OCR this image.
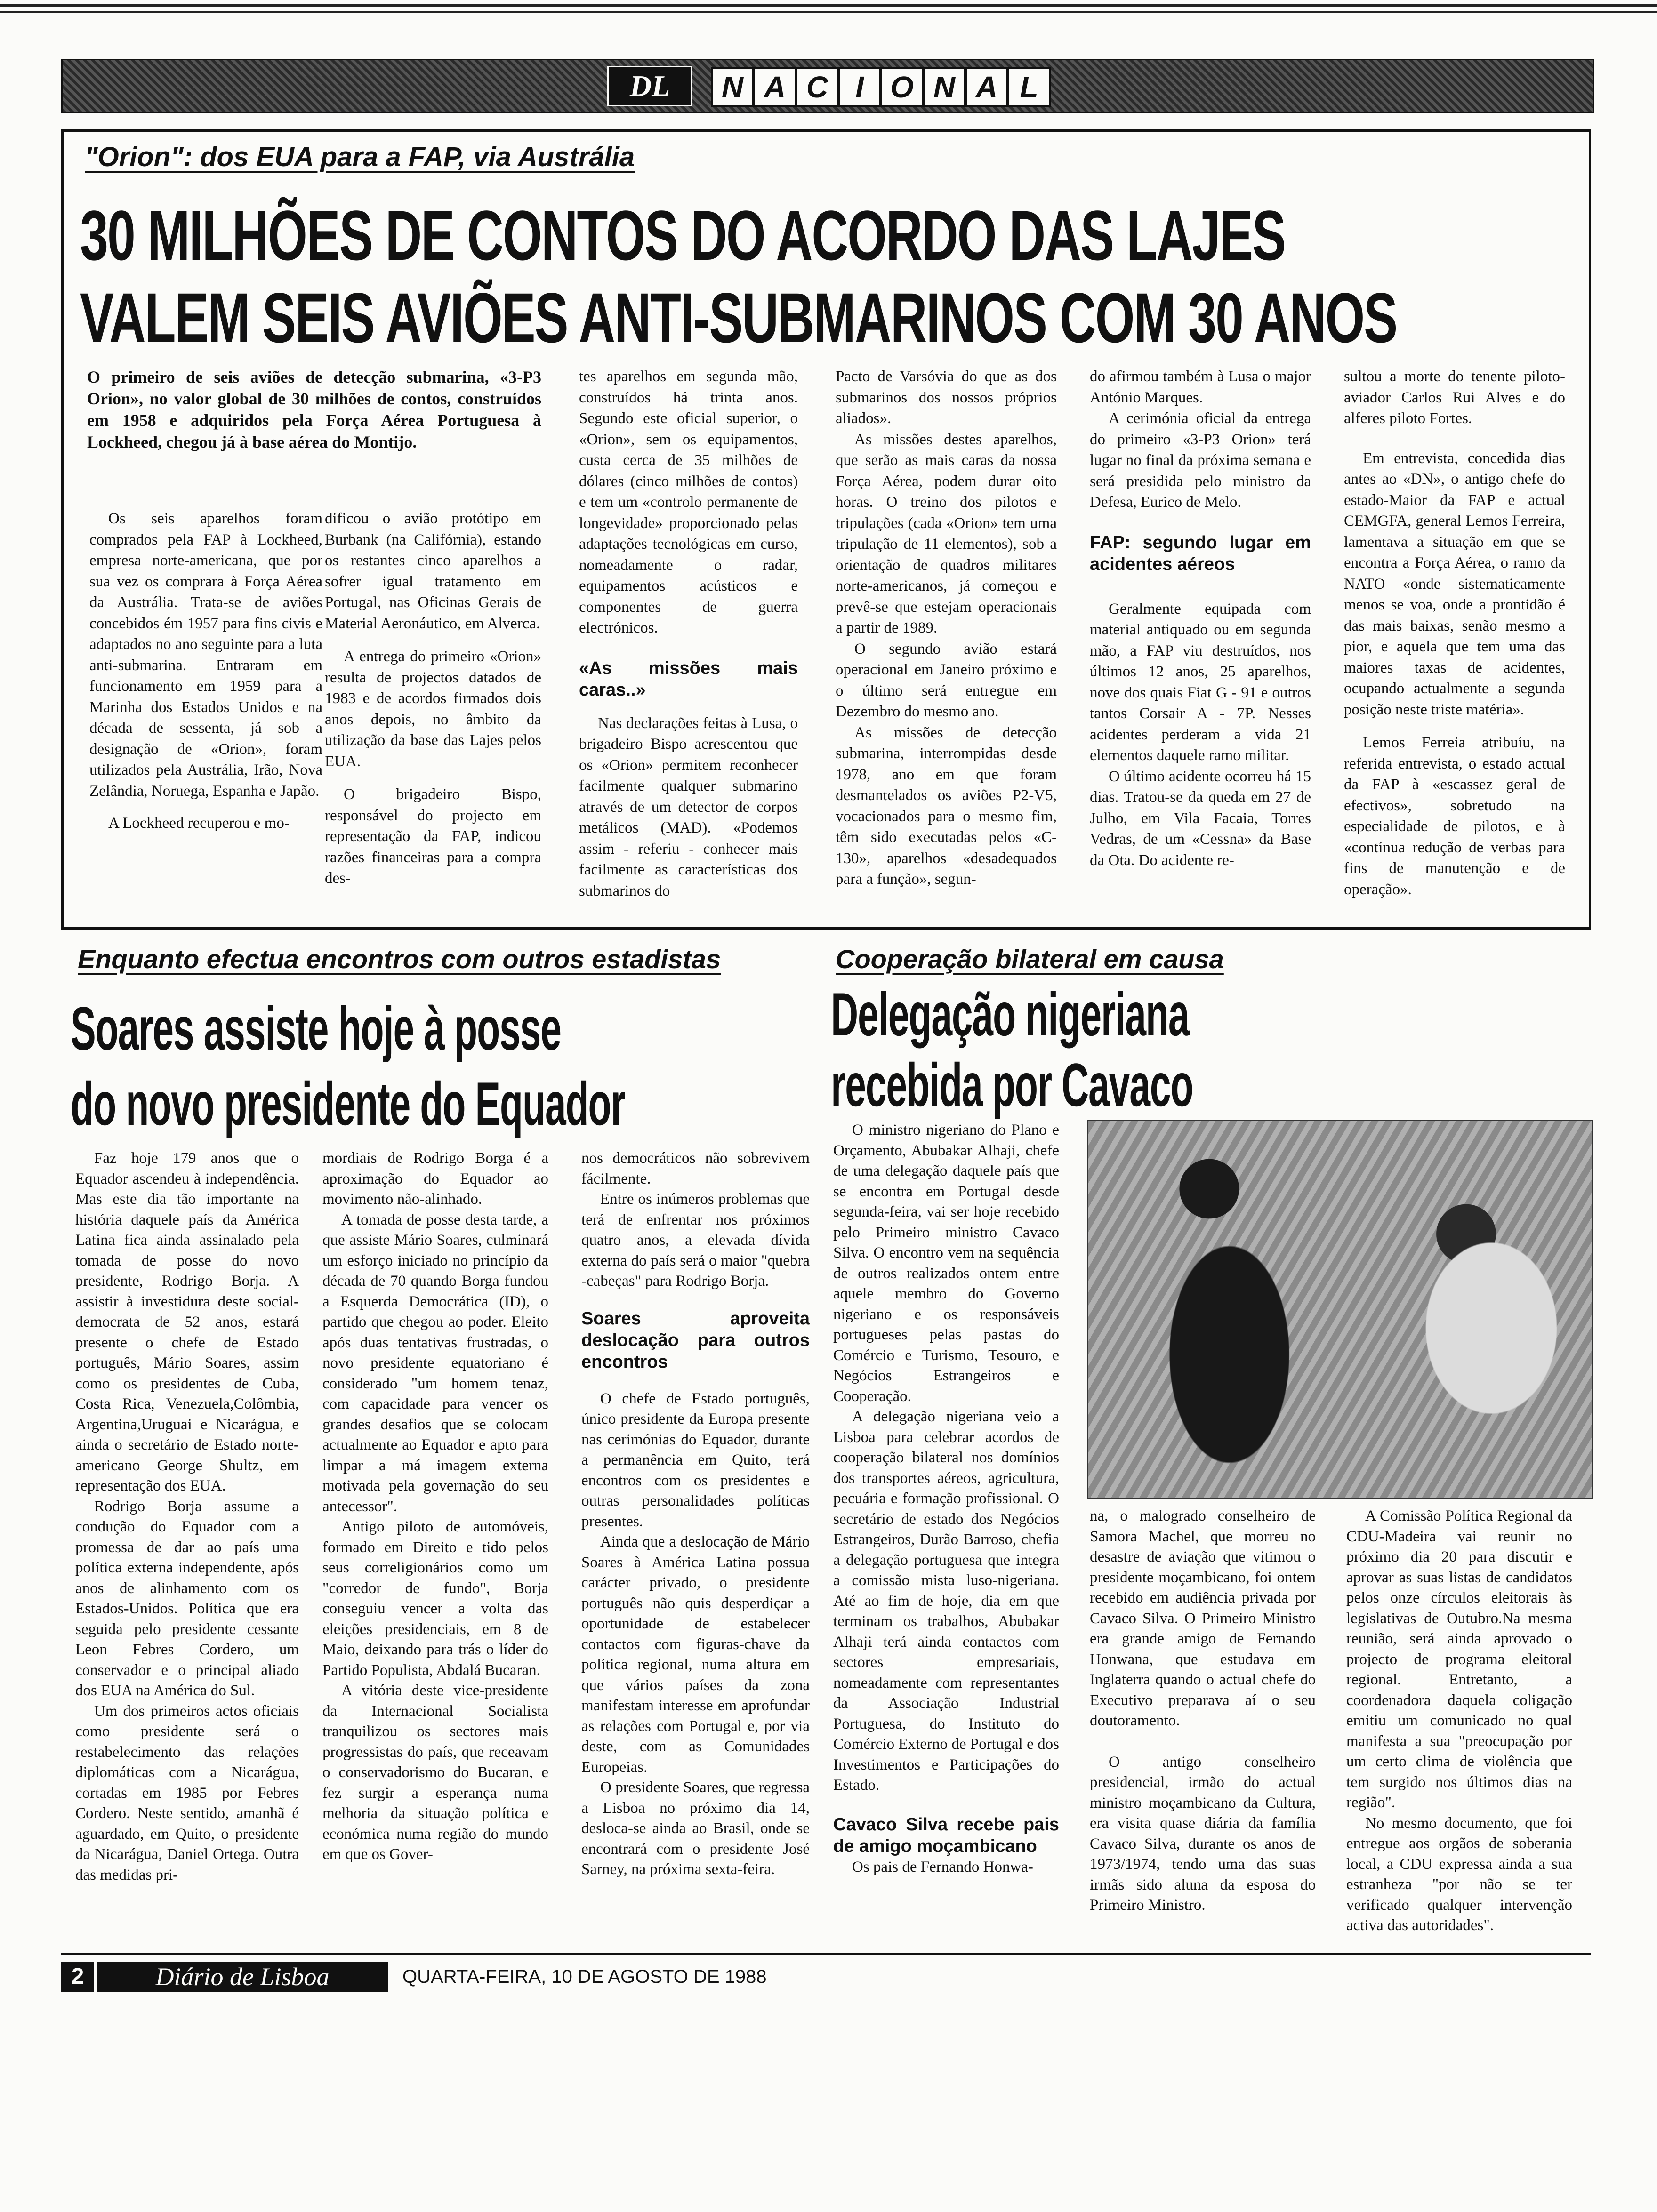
DL	N A C I O N A L
"Orion": dos EUA para a FAP, via Austrália
30 MILHÕES DE CONTOS DO ACORDO DAS LAJES
VALEM SEIS AVIÕES ANTI-SUBMARINOS COM 30 ANOS
O primeiro de seis aviões de detecção submarina, «3-P3 Orion», no valor global de 30 milhões de contos, construídos em 1958 e adquiridos pela Força Aérea Portuguesa à Lockheed, chegou já à base aérea do Montijo.

Os seis aparelhos foram comprados pela FAP à Lockheed, empresa norte-americana, que por sua vez os comprara à Força Aérea da Austrália. Trata-se de aviões concebidos ém 1957 para fins civis e adaptados no ano seguinte para a luta anti-submarina. Entraram em funcionamento em 1959 para a Marinha dos Estados Unidos e na década de sessenta, já sob a designação de «Orion», foram utilizados pela Austrália, Irão, Nova Zelândia, Noruega, Espanha e Japão.

A Lockheed recuperou e mo-

dificou o avião protótipo em Burbank (na Califórnia), estando os restantes cinco aparelhos a sofrer igual tratamento em Portugal, nas Oficinas Gerais de Material Aeronáutico, em Alverca.

A entrega do primeiro «Orion» resulta de projectos datados de 1983 e de acordos firmados dois anos depois, no âmbito da utilização da base das Lajes pelos EUA.

O brigadeiro Bispo, responsável do projecto em representação da FAP, indicou razões financeiras para a compra des-

tes aparelhos em segunda mão, construídos há trinta anos. Segundo este oficial superior, o «Orion», sem os equipamentos, custa cerca de 35 milhões de dólares (cinco milhões de contos) e tem um «controlo permanente de longevidade» proporcionado pelas adaptações tecnológicas em curso, nomeadamente o radar, equipamentos acústicos e componentes de guerra electrónicos.

«As missões mais caras..»

Nas declarações feitas à Lusa, o brigadeiro Bispo acrescentou que os «Orion» permitem reconhecer facilmente qualquer submarino através de um detector de corpos metálicos (MAD). «Podemos assim - referiu - conhecer mais facilmente as características dos submarinos do

Pacto de Varsóvia do que as dos submarinos dos nossos próprios aliados».

As missões destes aparelhos, que serão as mais caras da nossa Força Aérea, podem durar oito horas. O treino dos pilotos e tripulações (cada «Orion» tem uma tripulação de 11 elementos), sob a orientação de quadros militares norte-americanos, já começou e prevê-se que estejam operacionais a partir de 1989.

O segundo avião estará operacional em Janeiro próximo e o último será entregue em Dezembro do mesmo ano.

As missões de detecção submarina, interrompidas desde 1978, ano em que foram desmantelados os aviões P2-V5, vocacionados para o mesmo fim, têm sido executadas pelos «C-130», aparelhos «desadequados para a função», segun-

do afirmou também à Lusa o major António Marques.

A cerimónia oficial da entrega do primeiro «3-P3 Orion» terá lugar no final da próxima semana e será presidida pelo ministro da Defesa, Eurico de Melo.

FAP: segundo lugar em acidentes aéreos

Geralmente equipada com material antiquado ou em segunda mão, a FAP viu destruídos, nos últimos 12 anos, 25 aparelhos, nove dos quais Fiat G - 91 e outros tantos Corsair A - 7P. Nesses acidentes perderam a vida 21 elementos daquele ramo militar.

O último acidente ocorreu há 15 dias. Tratou-se da queda em 27 de Julho, em Vila Facaia, Torres Vedras, de um «Cessna» da Base da Ota. Do acidente re-

sultou a morte do tenente piloto-aviador Carlos Rui Alves e do alferes piloto Fortes.

Em entrevista, concedida dias antes ao «DN», o antigo chefe do estado-Maior da FAP e actual CEMGFA, general Lemos Ferreira, lamentava a situação em que se encontra a Força Aérea, o ramo da NATO «onde sistematicamente menos se voa, onde a prontidão é das mais baixas, senão mesmo a pior, e aquela que tem uma das maiores taxas de acidentes, ocupando actualmente a segunda posição neste triste matéria».

Lemos Ferreia atribuíu, na referida entrevista, o estado actual da FAP à «escassez geral de efectivos», sobretudo na especialidade de pilotos, e à «contínua redução de verbas para fins de manutenção e de operação».

Enquanto efectua encontros com outros estadistas
Soares assiste hoje à posse
do novo presidente do Equador

Faz hoje 179 anos que o Equador ascendeu à independência. Mas este dia tão importante na história daquele país da América Latina fica ainda assinalado pela tomada de posse do novo presidente, Rodrigo Borja. A assistir à investidura deste social-democrata de 52 anos, estará presente o chefe de Estado português, Mário Soares, assim como os presidentes de Cuba, Costa Rica, Venezuela,Colômbia, Argentina,Uruguai e Nicarágua, e ainda o secretário de Estado norte-americano George Shultz, em representação dos EUA.

Rodrigo Borja assume a condução do Equador com a promessa de dar ao país uma política externa independente, após anos de alinhamento com os Estados-Unidos. Política que era seguida pelo presidente cessante Leon Febres Cordero, um conservador e o principal aliado dos EUA na América do Sul.

Um dos primeiros actos oficiais como presidente será o restabelecimento das relações diplomáticas com a Nicarágua, cortadas em 1985 por Febres Cordero. Neste sentido, amanhã é aguardado, em Quito, o presidente da Nicarágua, Daniel Ortega. Outra das medidas pri-

mordiais de Rodrigo Borga é a aproximação do Equador ao movimento não-alinhado.

A tomada de posse desta tarde, a que assiste Mário Soares, culminará um esforço iniciado no princípio da década de 70 quando Borga fundou a Esquerda Democrática (ID), o partido que chegou ao poder. Eleito após duas tentativas frustradas, o novo presidente equatoriano é considerado "um homem tenaz, com capacidade para vencer os grandes desafios que se colocam actualmente ao Equador e apto para limpar a má imagem externa motivada pela governação do seu antecessor".

Antigo piloto de automóveis, formado em Direito e tido pelos seus correligionários como um "corredor de fundo", Borja conseguiu vencer a volta das eleições presidenciais, em 8 de Maio, deixando para trás o líder do Partido Populista, Abdalá Bucaran.

A vitória deste vice-presidente da Internacional Socialista tranquilizou os sectores mais progressistas do país, que receavam o conservadorismo do Bucaran, e fez surgir a esperança numa melhoria da situação política e económica numa região do mundo em que os Gover-

nos democráticos não sobrevivem fácilmente.

Entre os inúmeros problemas que terá de enfrentar nos próximos quatro anos, a elevada dívida externa do país será o maior "quebra -cabeças" para Rodrigo Borja.

Soares aproveita deslocação para outros encontros

O chefe de Estado português, único presidente da Europa presente nas cerimónias do Equador, durante a permanência em Quito, terá encontros com os presidentes e outras personalidades políticas presentes.

Ainda que a deslocação de Mário Soares à América Latina possua carácter privado, o presidente português não quis desperdiçar a oportunidade de estabelecer contactos com figuras-chave da política regional, numa altura em que vários países da zona manifestam interesse em aprofundar as relações com Portugal e, por via deste, com as Comunidades Europeias.

O presidente Soares, que regressa a Lisboa no próximo dia 14, desloca-se ainda ao Brasil, onde se encontrará com o presidente José Sarney, na próxima sexta-feira.

Cooperação bilateral em causa
Delegação nigeriana
recebida por Cavaco

O ministro nigeriano do Plano e Orçamento, Abubakar Alhaji, chefe de uma delegação daquele país que se encontra em Portugal desde segunda-feira, vai ser hoje recebido pelo Primeiro ministro Cavaco Silva. O encontro vem na sequência de outros realizados ontem entre aquele membro do Governo nigeriano e os responsáveis portugueses pelas pastas do Comércio e Turismo, Tesouro, e Negócios Estrangeiros e Cooperação.

A delegação nigeriana veio a Lisboa para celebrar acordos de cooperação bilateral nos domínios dos transportes aéreos, agricultura, pecuária e formação profissional. O secretário de estado dos Negócios Estrangeiros, Durão Barroso, chefia a delegação portuguesa que integra a comissão mista luso-nigeriana. Até ao fim de hoje, dia em que terminam os trabalhos, Abubakar Alhaji terá ainda contactos com sectores empresariais, nomeadamente com representantes da Associação Industrial Portuguesa, do Instituto do Comércio Externo de Portugal e dos Investimentos e Participações do Estado.

Cavaco Silva recebe pais de amigo moçambicano

Os pais de Fernando Honwa-

na, o malogrado conselheiro de Samora Machel, que morreu no desastre de aviação que vitimou o presidente moçambicano, foi ontem recebido em audiência privada por Cavaco Silva. O Primeiro Ministro era grande amigo de Fernando Honwana, que estudava em Inglaterra quando o actual chefe do Executivo preparava aí o seu doutoramento.

O antigo conselheiro presidencial, irmão do actual ministro moçambicano da Cultura, era visita quase diária da família Cavaco Silva, durante os anos de 1973/1974, tendo uma das suas irmãs sido aluna da esposa do Primeiro Ministro.

A Comissão Política Regional da CDU-Madeira vai reunir no próximo dia 20 para discutir e aprovar as suas listas de candidatos pelos onze círculos eleitorais às legislativas de Outubro.Na mesma reunião, será ainda aprovado o projecto de programa eleitoral regional. Entretanto, a coordenadora daquela coligação emitiu um comunicado no qual manifesta a sua "preocupação por um certo clima de violência que tem surgido nos últimos dias na região".

No mesmo documento, que foi entregue aos orgãos de soberania local, a CDU expressa ainda a sua estranheza "por não se ter verificado qualquer intervenção activa das autoridades".

2	Diário de Lisboa	QUARTA-FEIRA, 10 DE AGOSTO DE 1988
